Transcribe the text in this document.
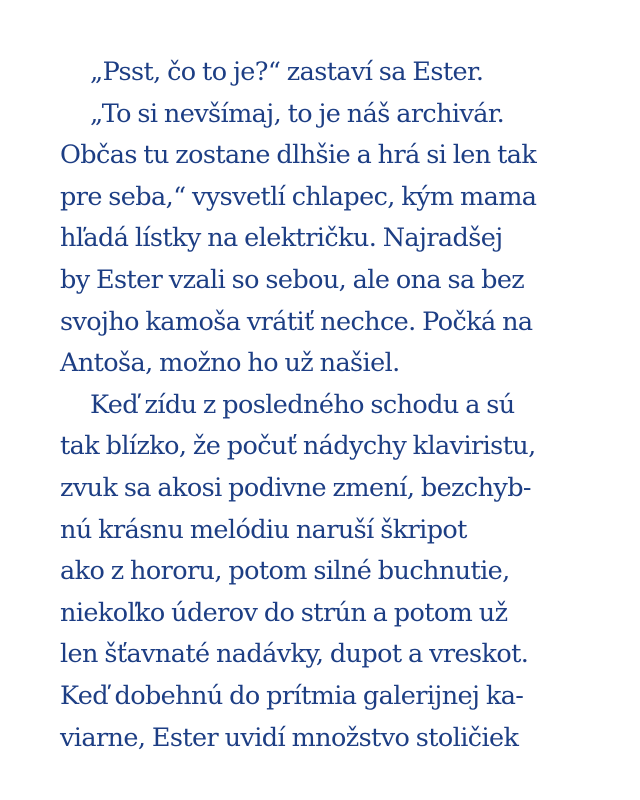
„Psst, čo to je?“ zastaví sa Ester.
„To si nevšímaj, to je náš archivár.
Občas tu zostane dlhšie a hrá si len tak
pre seba,“ vysvetlí chlapec, kým mama
hľadá lístky na električku. Najradšej
by Ester vzali so sebou, ale ona sa bez
svojho kamoša vrátiť nechce. Počká na
Antoša, možno ho už našiel.
Keď zídu z posledného schodu a sú
tak blízko, že počuť nádychy klaviristu,
zvuk sa akosi podivne zmení, bezchyb-
nú krásnu melódiu naruší škripot
ako z hororu, potom silné buchnutie,
niekoľko úderov do strún a potom už
len šťavnaté nadávky, dupot a vreskot.
Keď dobehnú do prítmia galerijnej ka-
viarne, Ester uvidí množstvo stoličiek
